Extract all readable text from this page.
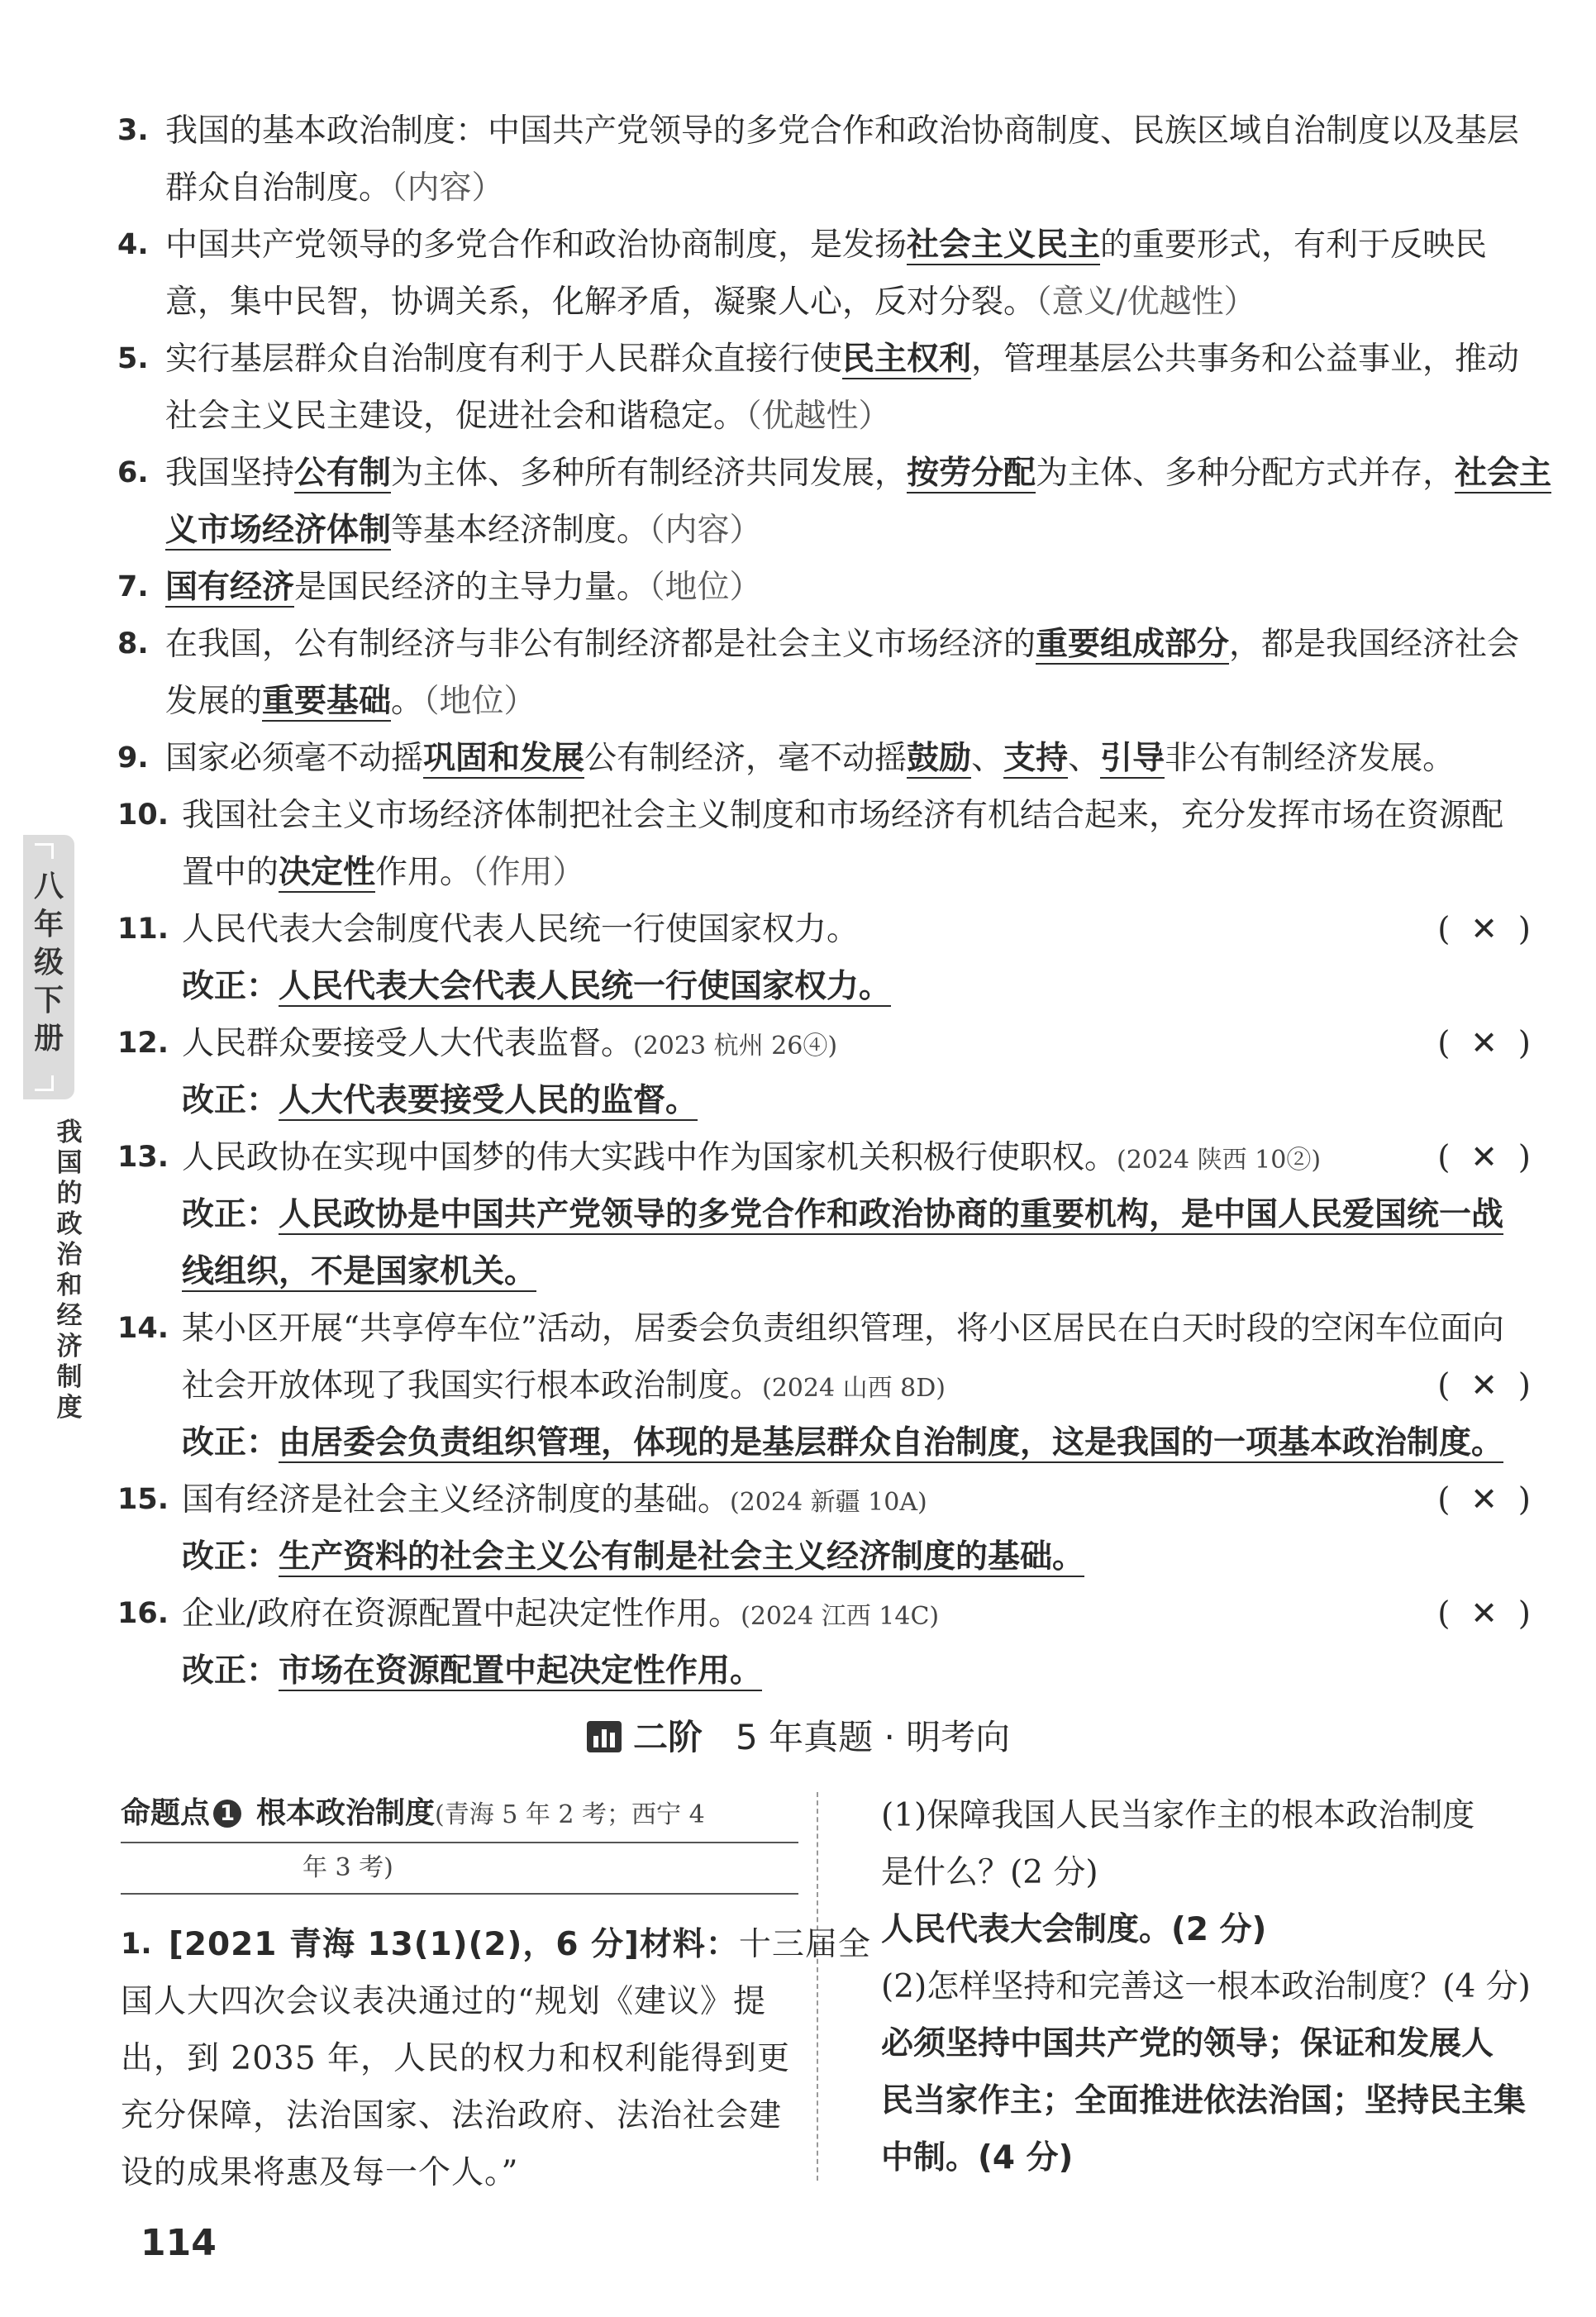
八年级下册
我国的政治和经济制度
3. 我国的基本政治制度：中国共产党领导的多党合作和政治协商制度、民族区域自治制度以及基层
群众自治制度。（内容）
4. 中国共产党领导的多党合作和政治协商制度，是发扬社会主义民主的重要形式，有利于反映民
意，集中民智，协调关系，化解矛盾，凝聚人心，反对分裂。（意义/优越性）
5. 实行基层群众自治制度有利于人民群众直接行使民主权利，管理基层公共事务和公益事业，推动
社会主义民主建设，促进社会和谐稳定。（优越性）
6. 我国坚持公有制为主体、多种所有制经济共同发展，按劳分配为主体、多种分配方式并存，社会主
义市场经济体制等基本经济制度。（内容）
7. 国有经济是国民经济的主导力量。（地位）
8. 在我国，公有制经济与非公有制经济都是社会主义市场经济的重要组成部分，都是我国经济社会
发展的重要基础。（地位）
9. 国家必须毫不动摇巩固和发展公有制经济，毫不动摇鼓励、支持、引导非公有制经济发展。
10. 我国社会主义市场经济体制把社会主义制度和市场经济有机结合起来，充分发挥市场在资源配
置中的决定性作用。（作用）
11. 人民代表大会制度代表人民统一行使国家权力。
改正：人民代表大会代表人民统一行使国家权力。
(  ✕  )
12. 人民群众要接受人大代表监督。(2023 杭州 26④)
改正：人大代表要接受人民的监督。
(  ✕  )
13. 人民政协在实现中国梦的伟大实践中作为国家机关积极行使职权。(2024 陕西 10②)
改正：人民政协是中国共产党领导的多党合作和政治协商的重要机构，是中国人民爱国统一战
线组织，不是国家机关。
(  ✕  )
14. 某小区开展“共享停车位”活动，居委会负责组织管理，将小区居民在白天时段的空闲车位面向
社会开放体现了我国实行根本政治制度。(2024 山西 8D)
改正：由居委会负责组织管理，体现的是基层群众自治制度，这是我国的一项基本政治制度。
(  ✕  )
15. 国有经济是社会主义经济制度的基础。(2024 新疆 10A)
改正：生产资料的社会主义公有制是社会主义经济制度的基础。
(  ✕  )
16. 企业/政府在资源配置中起决定性作用。(2024 江西 14C)
改正：市场在资源配置中起决定性作用。
(  ✕  )
二阶 5 年真题 · 明考向
命题点 1 根本政治制度(青海 5 年 2 考；西宁 4
年 3 考)
1. [2021 青海 13(1)(2)，6 分]材料：十三届全
国人大四次会议表决通过的“规划《建议》提
出，到 2035 年，人民的权力和权利能得到更
充分保障，法治国家、法治政府、法治社会建
设的成果将惠及每一个人。”
(1)保障我国人民当家作主的根本政治制度
是什么？(2 分)
人民代表大会制度。(2 分)
(2)怎样坚持和完善这一根本政治制度？(4 分)
必须坚持中国共产党的领导；保证和发展人
民当家作主；全面推进依法治国；坚持民主集
中制。(4 分)
114
